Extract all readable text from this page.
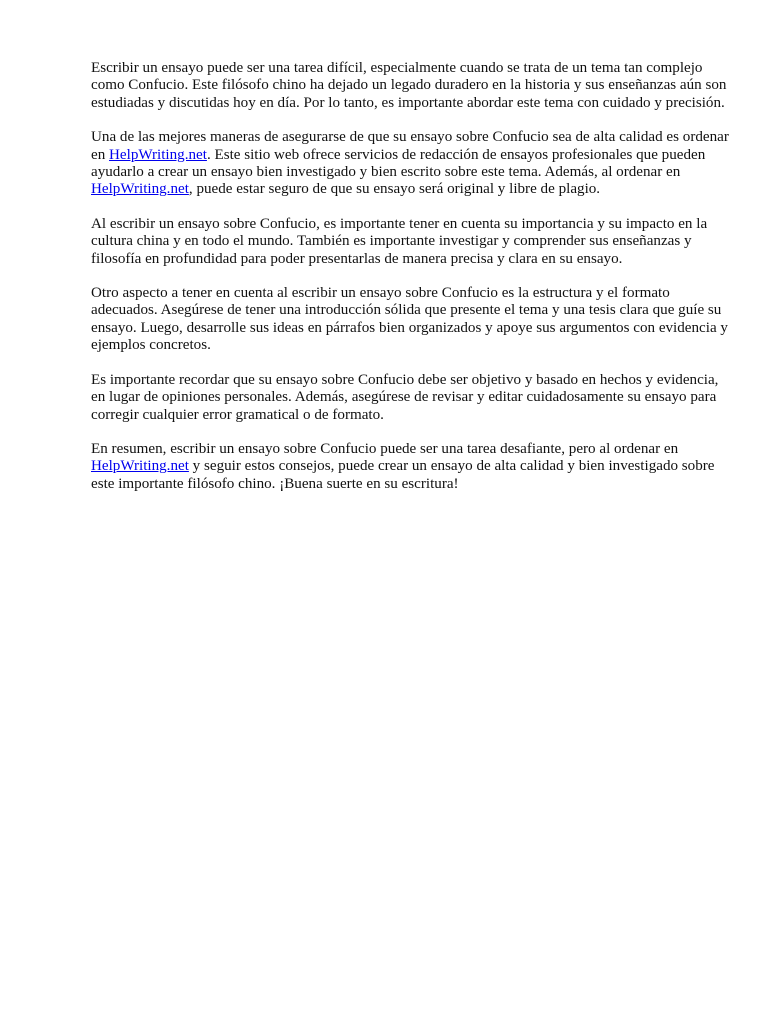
Escribir un ensayo puede ser una tarea difícil, especialmente cuando se trata de un tema tan complejo como Confucio. Este filósofo chino ha dejado un legado duradero en la historia y sus enseñanzas aún son estudiadas y discutidas hoy en día. Por lo tanto, es importante abordar este tema con cuidado y precisión.

Una de las mejores maneras de asegurarse de que su ensayo sobre Confucio sea de alta calidad es ordenar en HelpWriting.net. Este sitio web ofrece servicios de redacción de ensayos profesionales que pueden ayudarlo a crear un ensayo bien investigado y bien escrito sobre este tema. Además, al ordenar en HelpWriting.net, puede estar seguro de que su ensayo será original y libre de plagio.

Al escribir un ensayo sobre Confucio, es importante tener en cuenta su importancia y su impacto en la cultura china y en todo el mundo. También es importante investigar y comprender sus enseñanzas y filosofía en profundidad para poder presentarlas de manera precisa y clara en su ensayo.

Otro aspecto a tener en cuenta al escribir un ensayo sobre Confucio es la estructura y el formato adecuados. Asegúrese de tener una introducción sólida que presente el tema y una tesis clara que guíe su ensayo. Luego, desarrolle sus ideas en párrafos bien organizados y apoye sus argumentos con evidencia y ejemplos concretos.

Es importante recordar que su ensayo sobre Confucio debe ser objetivo y basado en hechos y evidencia, en lugar de opiniones personales. Además, asegúrese de revisar y editar cuidadosamente su ensayo para corregir cualquier error gramatical o de formato.

En resumen, escribir un ensayo sobre Confucio puede ser una tarea desafiante, pero al ordenar en HelpWriting.net y seguir estos consejos, puede crear un ensayo de alta calidad y bien investigado sobre este importante filósofo chino. ¡Buena suerte en su escritura!
